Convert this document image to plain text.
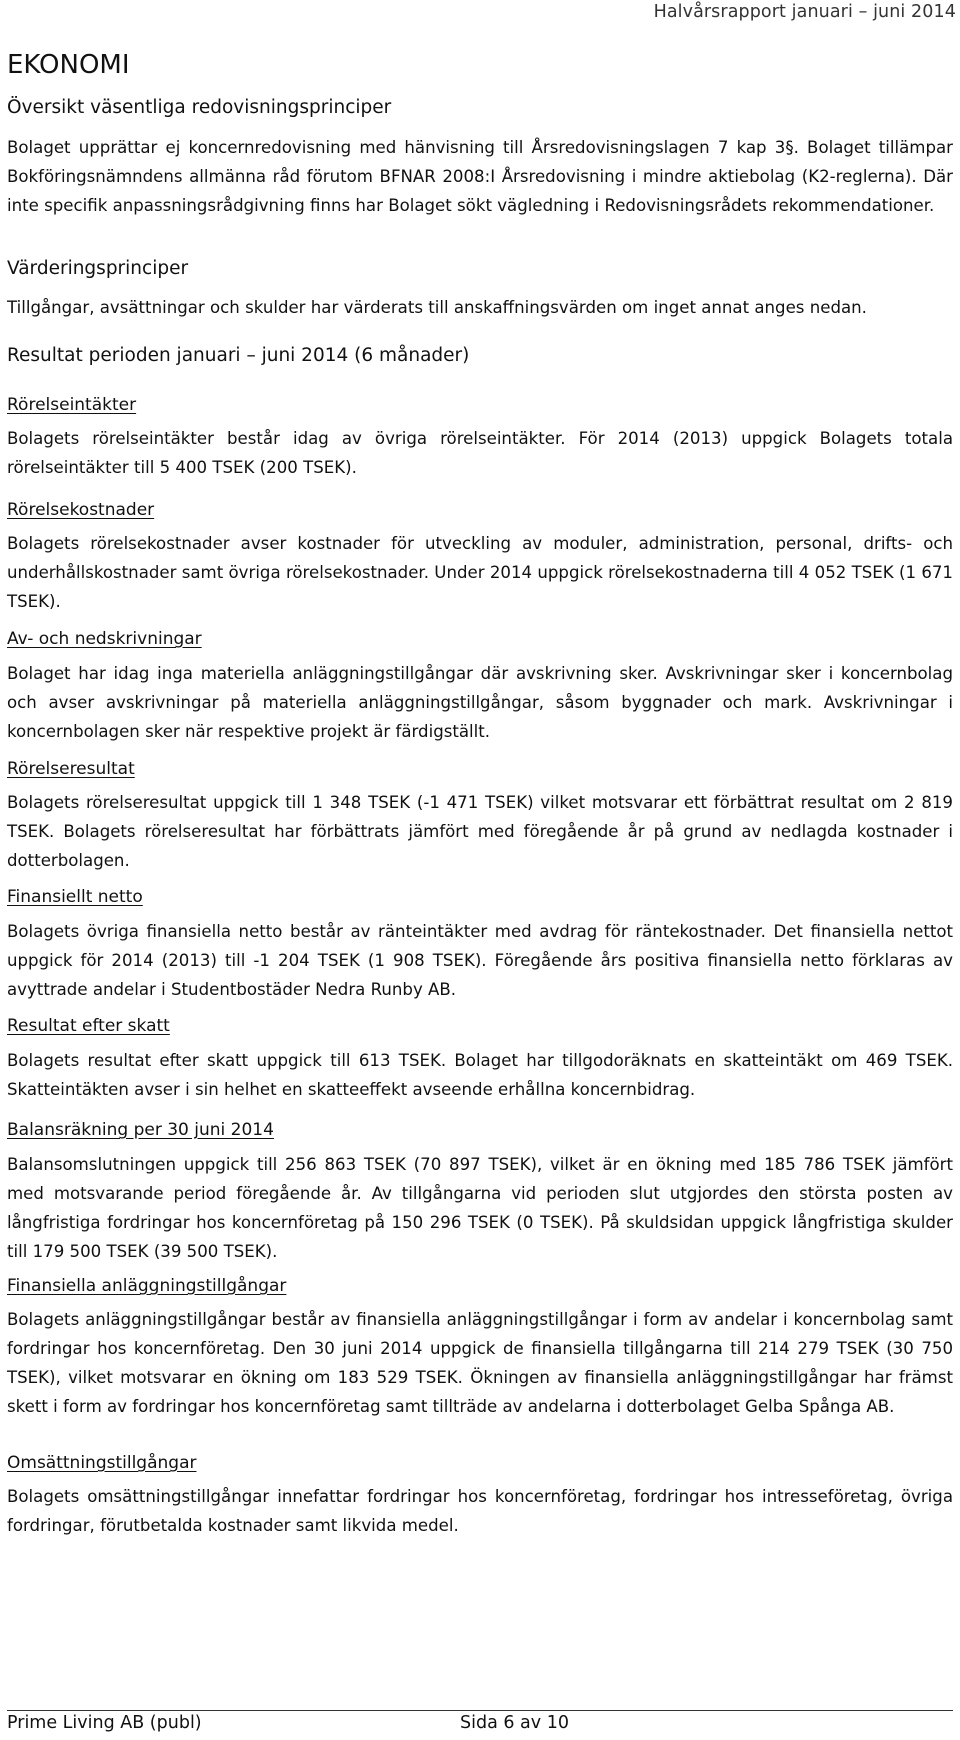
Halvårsrapport januari – juni 2014
EKONOMI
Översikt väsentliga redovisningsprinciper

Bolaget upprättar ej koncernredovisning med hänvisning till Årsredovisningslagen 7 kap 3§. Bolaget tillämpar Bokföringsnämndens allmänna råd förutom BFNAR 2008:I Årsredovisning i mindre aktiebolag (K2-reglerna). Där inte specifik anpassningsrådgivning finns har Bolaget sökt vägledning i Redovisningsrådets rekommendationer.

Värderingsprinciper

Tillgångar, avsättningar och skulder har värderats till anskaffningsvärden om inget annat anges nedan.

Resultat perioden januari – juni 2014 (6 månader)
Rörelseintäkter

Bolagets rörelseintäkter består idag av övriga rörelseintäkter. För 2014 (2013) uppgick Bolagets totala rörelseintäkter till 5 400 TSEK (200 TSEK).

Rörelsekostnader

Bolagets rörelsekostnader avser kostnader för utveckling av moduler, administration, personal, drifts- och underhållskostnader samt övriga rörelsekostnader. Under 2014 uppgick rörelsekostnaderna till 4 052 TSEK (1 671 TSEK).

Av- och nedskrivningar

Bolaget har idag inga materiella anläggningstillgångar där avskrivning sker. Avskrivningar sker i koncernbolag och avser avskrivningar på materiella anläggningstillgångar, såsom byggnader och mark. Avskrivningar i koncernbolagen sker när respektive projekt är färdigställt.

Rörelseresultat

Bolagets rörelseresultat uppgick till 1 348 TSEK (-1 471 TSEK) vilket motsvarar ett förbättrat resultat om 2 819 TSEK. Bolagets rörelseresultat har förbättrats jämfört med föregående år på grund av nedlagda kostnader i dotterbolagen.

Finansiellt netto

Bolagets övriga finansiella netto består av ränteintäkter med avdrag för räntekostnader. Det finansiella nettot uppgick för 2014 (2013) till -1 204 TSEK (1 908 TSEK). Föregående års positiva finansiella netto förklaras av avyttrade andelar i Studentbostäder Nedra Runby AB.

Resultat efter skatt

Bolagets resultat efter skatt uppgick till 613 TSEK. Bolaget har tillgodoräknats en skatteintäkt om 469 TSEK. Skatteintäkten avser i sin helhet en skatteeffekt avseende erhållna koncernbidrag.

Balansräkning per 30 juni 2014

Balansomslutningen uppgick till 256 863 TSEK (70 897 TSEK), vilket är en ökning med 185 786 TSEK jämfört med motsvarande period föregående år. Av tillgångarna vid perioden slut utgjordes den största posten av långfristiga fordringar hos koncernföretag på 150 296 TSEK (0 TSEK). På skuldsidan uppgick långfristiga skulder till 179 500 TSEK (39 500 TSEK).

Finansiella anläggningstillgångar

Bolagets anläggningstillgångar består av finansiella anläggningstillgångar i form av andelar i koncernbolag samt fordringar hos koncernföretag. Den 30 juni 2014 uppgick de finansiella tillgångarna till 214 279 TSEK (30 750 TSEK), vilket motsvarar en ökning om 183 529 TSEK. Ökningen av finansiella anläggningstillgångar har främst skett i form av fordringar hos koncernföretag samt tillträde av andelarna i dotterbolaget Gelba Spånga AB.

Omsättningstillgångar

Bolagets omsättningstillgångar innefattar fordringar hos koncernföretag, fordringar hos intresseföretag, övriga fordringar, förutbetalda kostnader samt likvida medel.

Prime Living AB (publ)	Sida 6 av 10
